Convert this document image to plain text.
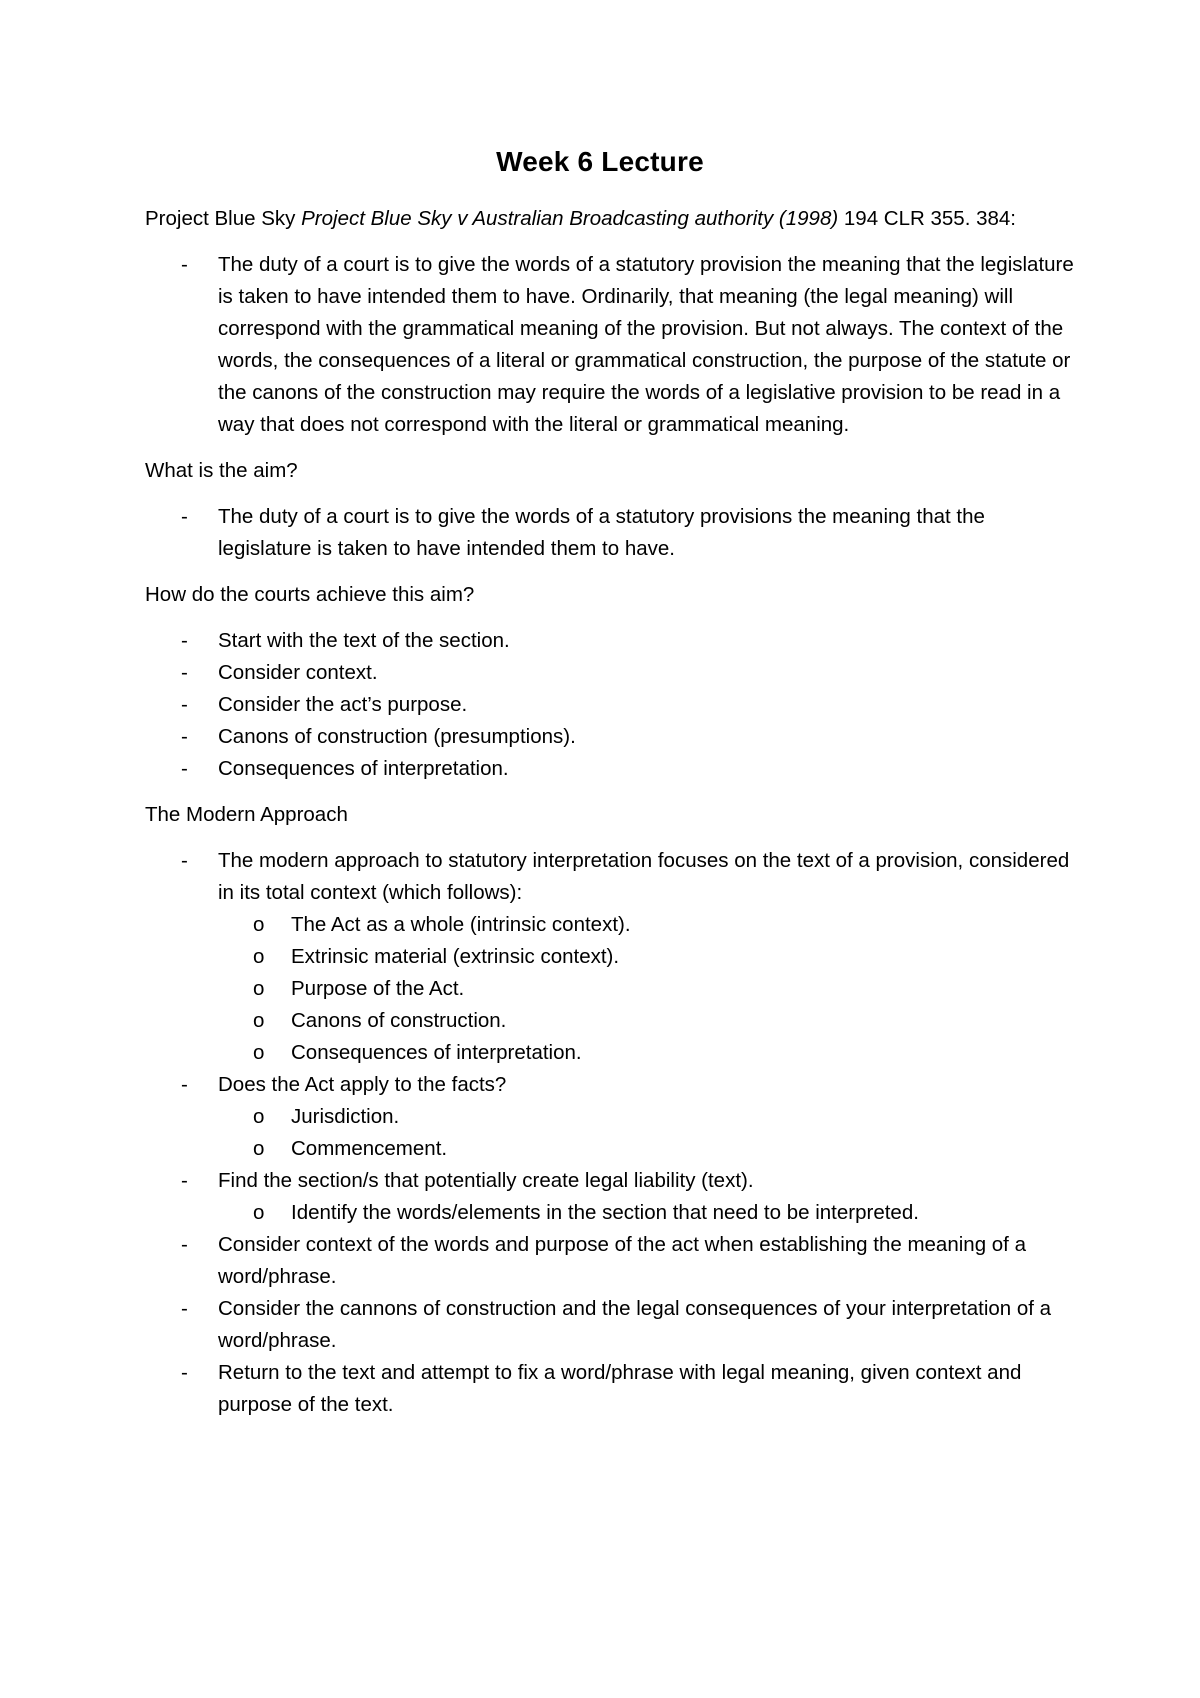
Week 6 Lecture

Project Blue Sky Project Blue Sky v Australian Broadcasting authority (1998) 194 CLR 355. 384:

- The duty of a court is to give the words of a statutory provision the meaning that the legislature is taken to have intended them to have. Ordinarily, that meaning (the legal meaning) will correspond with the grammatical meaning of the provision. But not always. The context of the words, the consequences of a literal or grammatical construction, the purpose of the statute or the canons of the construction may require the words of a legislative provision to be read in a way that does not correspond with the literal or grammatical meaning.

What is the aim?

- The duty of a court is to give the words of a statutory provisions the meaning that the legislature is taken to have intended them to have.

How do the courts achieve this aim?

- Start with the text of the section.
- Consider context.
- Consider the act’s purpose.
- Canons of construction (presumptions).
- Consequences of interpretation.

The Modern Approach

- The modern approach to statutory interpretation focuses on the text of a provision, considered in its total context (which follows):
o The Act as a whole (intrinsic context).
o Extrinsic material (extrinsic context).
o Purpose of the Act.
o Canons of construction.
o Consequences of interpretation.
- Does the Act apply to the facts?
o Jurisdiction.
o Commencement.
- Find the section/s that potentially create legal liability (text).
o Identify the words/elements in the section that need to be interpreted.
- Consider context of the words and purpose of the act when establishing the meaning of a word/phrase.
- Consider the cannons of construction and the legal consequences of your interpretation of a word/phrase.
- Return to the text and attempt to fix a word/phrase with legal meaning, given context and purpose of the text.
